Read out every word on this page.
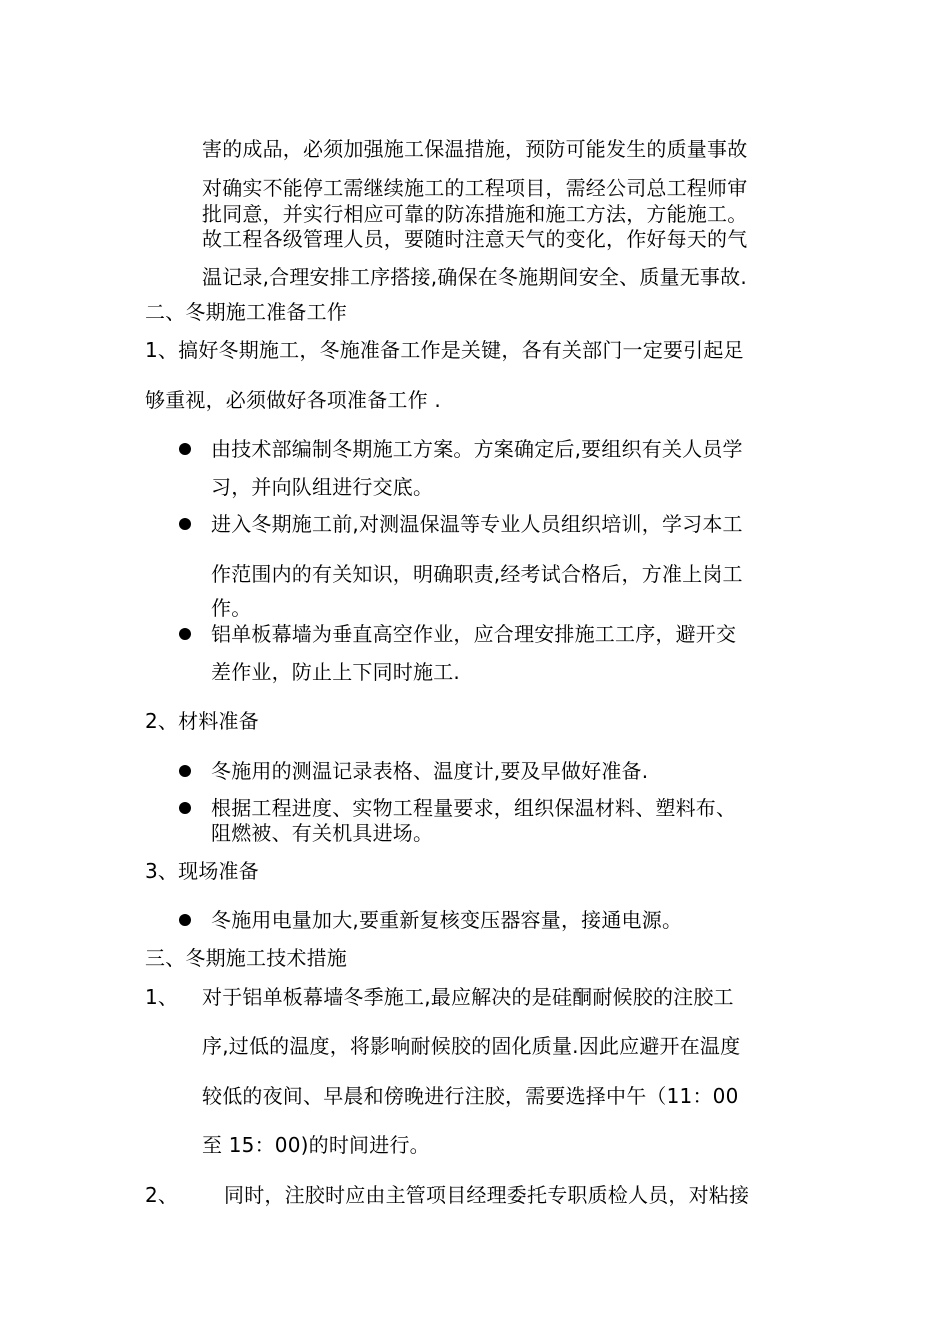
害的成品，必须加强施工保温措施，预防可能发生的质量事故
对确实不能停工需继续施工的工程项目，需经公司总工程师审
批同意，并实行相应可靠的防冻措施和施工方法，方能施工。
故工程各级管理人员，要随时注意天气的变化，作好每天的气
温记录,合理安排工序搭接,确保在冬施期间安全、质量无事故.
二、冬期施工准备工作
1、搞好冬期施工，冬施准备工作是关键，各有关部门一定要引起足
够重视，必须做好各项准备工作 .
由技术部编制冬期施工方案。方案确定后,要组织有关人员学
习，并向队组进行交底。
进入冬期施工前,对测温保温等专业人员组织培训，学习本工
作范围内的有关知识，明确职责,经考试合格后，方准上岗工
作。
铝单板幕墙为垂直高空作业，应合理安排施工工序，避开交
差作业，防止上下同时施工.
2、材料准备
冬施用的测温记录表格、温度计,要及早做好准备.
根据工程进度、实物工程量要求，组织保温材料、塑料布、
阻燃被、有关机具进场。
3、现场准备
冬施用电量加大,要重新复核变压器容量，接通电源。
三、冬期施工技术措施
1、 对于铝单板幕墙冬季施工,最应解决的是硅酮耐候胶的注胶工
序,过低的温度，将影响耐候胶的固化质量.因此应避开在温度
较低的夜间、早晨和傍晚进行注胶，需要选择中午（11：00
至 15：00)的时间进行。
2、 同时，注胶时应由主管项目经理委托专职质检人员，对粘接
